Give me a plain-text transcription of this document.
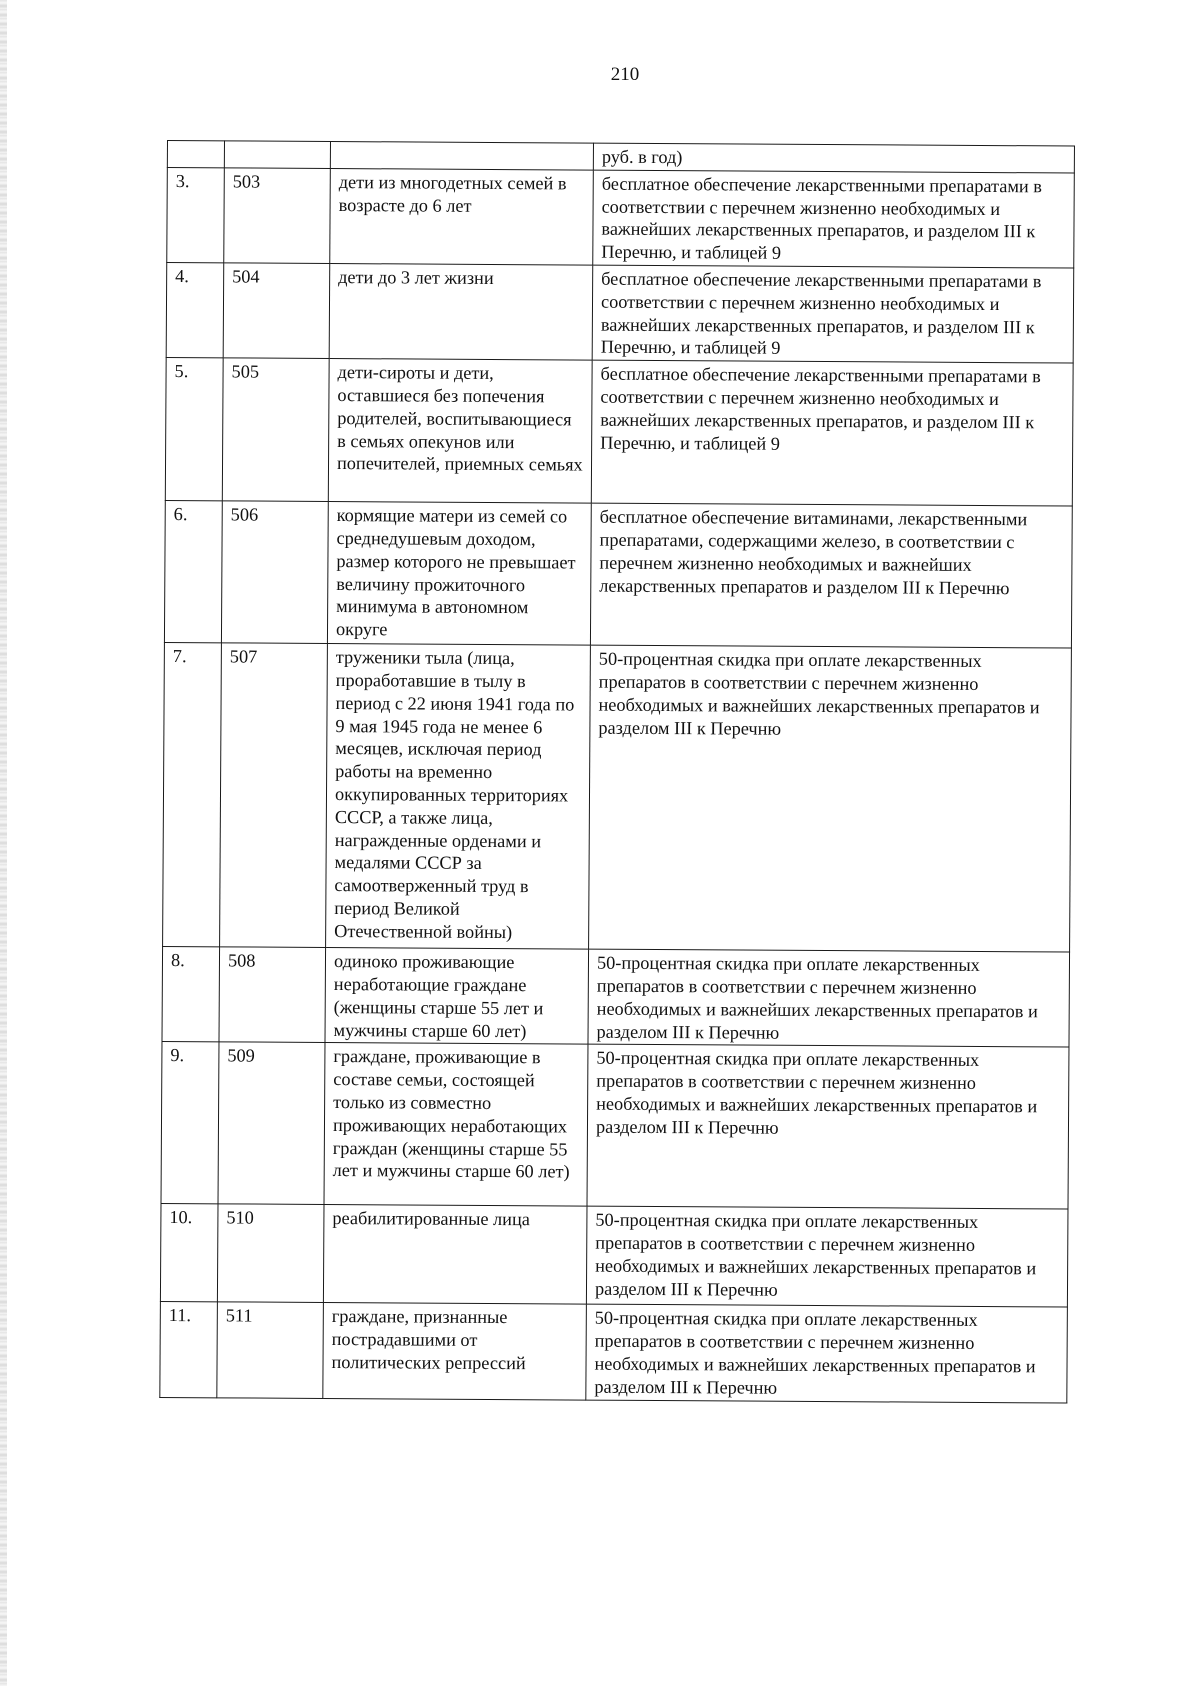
210
			руб. в год)
3.	503	дети из многодетных семей в возрасте до 6 лет	бесплатное обеспечение лекарственными препаратами в соответствии с перечнем жизненно необходимых и важнейших лекарственных препаратов, и разделом III к Перечню, и таблицей 9
4.	504	дети до 3 лет жизни	бесплатное обеспечение лекарственными препаратами в соответствии с перечнем жизненно необходимых и важнейших лекарственных препаратов, и разделом III к Перечню, и таблицей 9
5.	505	дети-сироты и дети, оставшиеся без попечения родителей, воспитывающиеся в семьях опекунов или попечителей, приемных семьях	бесплатное обеспечение лекарственными препаратами в соответствии с перечнем жизненно необходимых и важнейших лекарственных препаратов, и разделом III к Перечню, и таблицей 9
6.	506	кормящие матери из семей со среднедушевым доходом, размер которого не превышает величину прожиточного минимума в автономном округе	бесплатное обеспечение витаминами, лекарственными препаратами, содержащими железо, в соответствии с перечнем жизненно необходимых и важнейших лекарственных препаратов и разделом III к Перечню
7.	507	труженики тыла (лица, проработавшие в тылу в период с 22 июня 1941 года по 9 мая 1945 года не менее 6 месяцев, исключая период работы на временно оккупированных территориях СССР, а также лица, награжденные орденами и медалями СССР за самоотверженный труд в период Великой Отечественной войны)	50-процентная скидка при оплате лекарственных препаратов в соответствии с перечнем жизненно необходимых и важнейших лекарственных препаратов и разделом III к Перечню
8.	508	одиноко проживающие неработающие граждане (женщины старше 55 лет и мужчины старше 60 лет)	50-процентная скидка при оплате лекарственных препаратов в соответствии с перечнем жизненно необходимых и важнейших лекарственных препаратов и разделом III к Перечню
9.	509	граждане, проживающие в составе семьи, состоящей только из совместно проживающих неработающих граждан (женщины старше 55 лет и мужчины старше 60 лет)	50-процентная скидка при оплате лекарственных препаратов в соответствии с перечнем жизненно необходимых и важнейших лекарственных препаратов и разделом III к Перечню
10.	510	реабилитированные лица	50-процентная скидка при оплате лекарственных препаратов в соответствии с перечнем жизненно необходимых и важнейших лекарственных препаратов и разделом III к Перечню
11.	511	граждане, признанные пострадавшими от политических репрессий	50-процентная скидка при оплате лекарственных препаратов в соответствии с перечнем жизненно необходимых и важнейших лекарственных препаратов и разделом III к Перечню
